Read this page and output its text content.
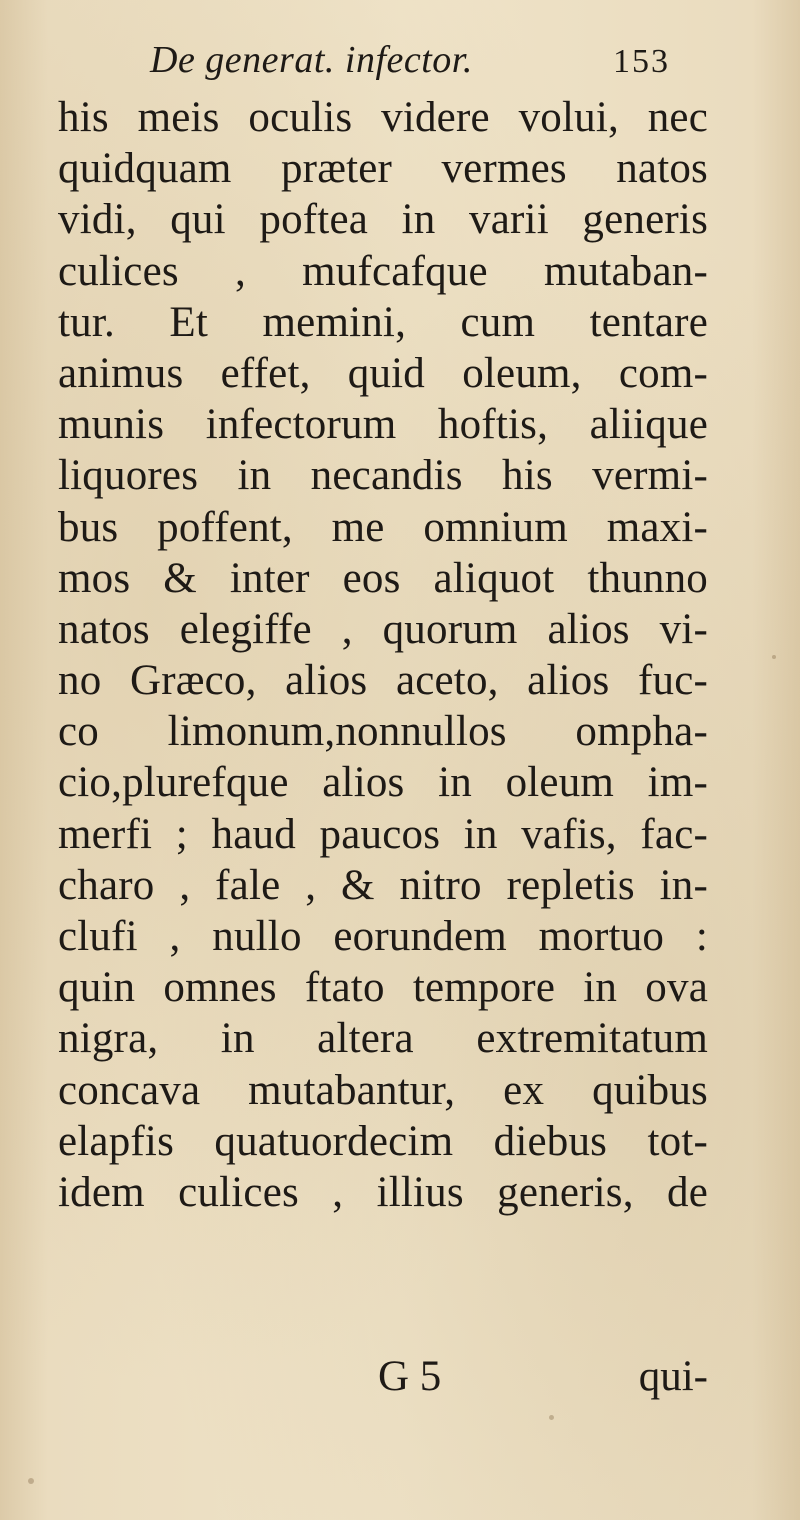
De generat. infector.	153
his meis oculis videre volui, nec
quidquam præter vermes natos
vidi, qui poftea in varii generis
culices , mufcafque mutaban-
tur. Et memini, cum tentare
animus effet, quid oleum, com-
munis infectorum hoftis, aliique
liquores in necandis his vermi-
bus poffent, me omnium maxi-
mos & inter eos aliquot thunno
natos elegiffe , quorum alios vi-
no Græco, alios aceto, alios fuc-
co limonum,nonnullos ompha-
cio,plurefque alios in oleum im-
merfi ; haud paucos in vafis, fac-
charo , fale , & nitro repletis in-
clufi , nullo eorundem mortuo :
quin omnes ftato tempore in ova
nigra, in altera extremitatum
concava mutabantur, ex quibus
elapfis quatuordecim diebus tot-
idem culices , illius generis, de
G 5	qui-
